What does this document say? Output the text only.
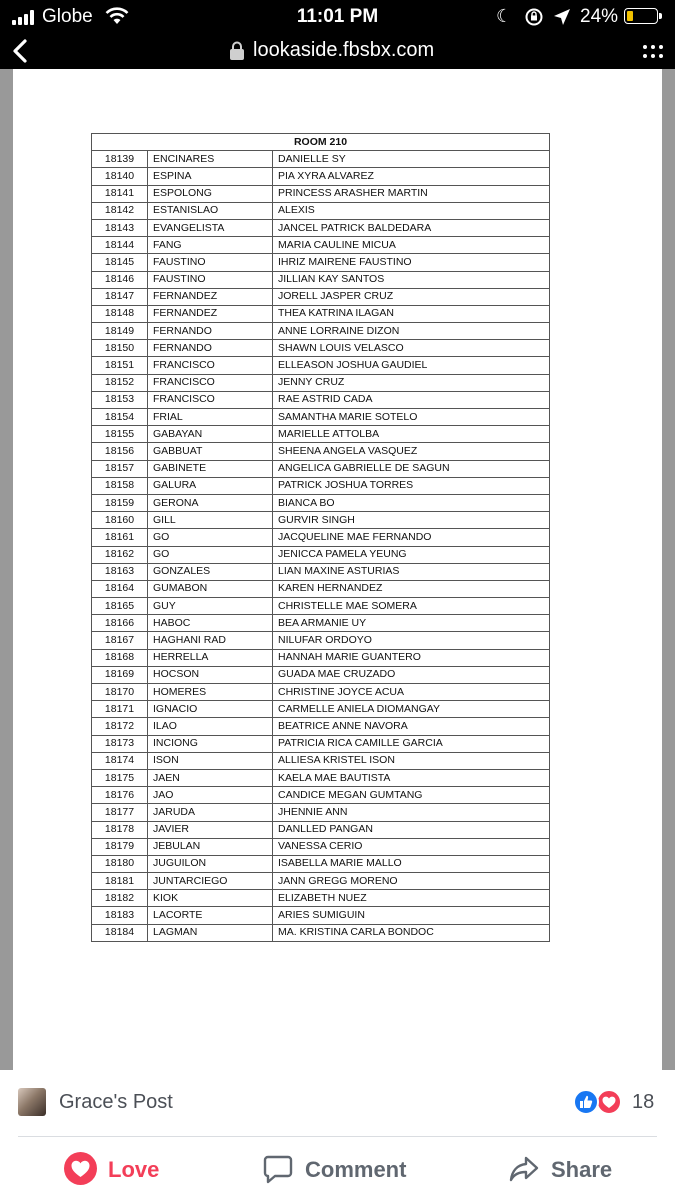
Globe	11:01 PM	☾	24%
lookaside.fbsbx.com
ROOM 210		
18139	ENCINARES	DANIELLE SY
18140	ESPINA	PIA XYRA ALVAREZ
18141	ESPOLONG	PRINCESS ARASHER MARTIN
18142	ESTANISLAO	ALEXIS
18143	EVANGELISTA	JANCEL PATRICK BALDEDARA
18144	FANG	MARIA CAULINE MICUA
18145	FAUSTINO	IHRIZ MAIRENE FAUSTINO
18146	FAUSTINO	JILLIAN KAY SANTOS
18147	FERNANDEZ	JORELL JASPER CRUZ
18148	FERNANDEZ	THEA KATRINA ILAGAN
18149	FERNANDO	ANNE LORRAINE DIZON
18150	FERNANDO	SHAWN LOUIS VELASCO
18151	FRANCISCO	ELLEASON JOSHUA GAUDIEL
18152	FRANCISCO	JENNY CRUZ
18153	FRANCISCO	RAE ASTRID CADA
18154	FRIAL	SAMANTHA MARIE SOTELO
18155	GABAYAN	MARIELLE ATTOLBA
18156	GABBUAT	SHEENA ANGELA VASQUEZ
18157	GABINETE	ANGELICA GABRIELLE DE SAGUN
18158	GALURA	PATRICK JOSHUA TORRES
18159	GERONA	BIANCA BO
18160	GILL	GURVIR SINGH
18161	GO	JACQUELINE MAE FERNANDO
18162	GO	JENICCA PAMELA YEUNG
18163	GONZALES	LIAN MAXINE ASTURIAS
18164	GUMABON	KAREN HERNANDEZ
18165	GUY	CHRISTELLE MAE SOMERA
18166	HABOC	BEA ARMANIE UY
18167	HAGHANI RAD	NILUFAR ORDOYO
18168	HERRELLA	HANNAH MARIE GUANTERO
18169	HOCSON	GUADA MAE CRUZADO
18170	HOMERES	CHRISTINE JOYCE ACUA
18171	IGNACIO	CARMELLE ANIELA DIOMANGAY
18172	ILAO	BEATRICE ANNE NAVORA
18173	INCIONG	PATRICIA RICA CAMILLE GARCIA
18174	ISON	ALLIESA KRISTEL ISON
18175	JAEN	KAELA MAE BAUTISTA
18176	JAO	CANDICE MEGAN GUMTANG
18177	JARUDA	JHENNIE ANN
18178	JAVIER	DANLLED PANGAN
18179	JEBULAN	VANESSA CERIO
18180	JUGUILON	ISABELLA MARIE MALLO
18181	JUNTARCIEGO	JANN GREGG MORENO
18182	KIOK	ELIZABETH NUEZ
18183	LACORTE	ARIES SUMIGUIN
18184	LAGMAN	MA. KRISTINA CARLA BONDOC
Grace's Post	18
Love	Comment	Share
